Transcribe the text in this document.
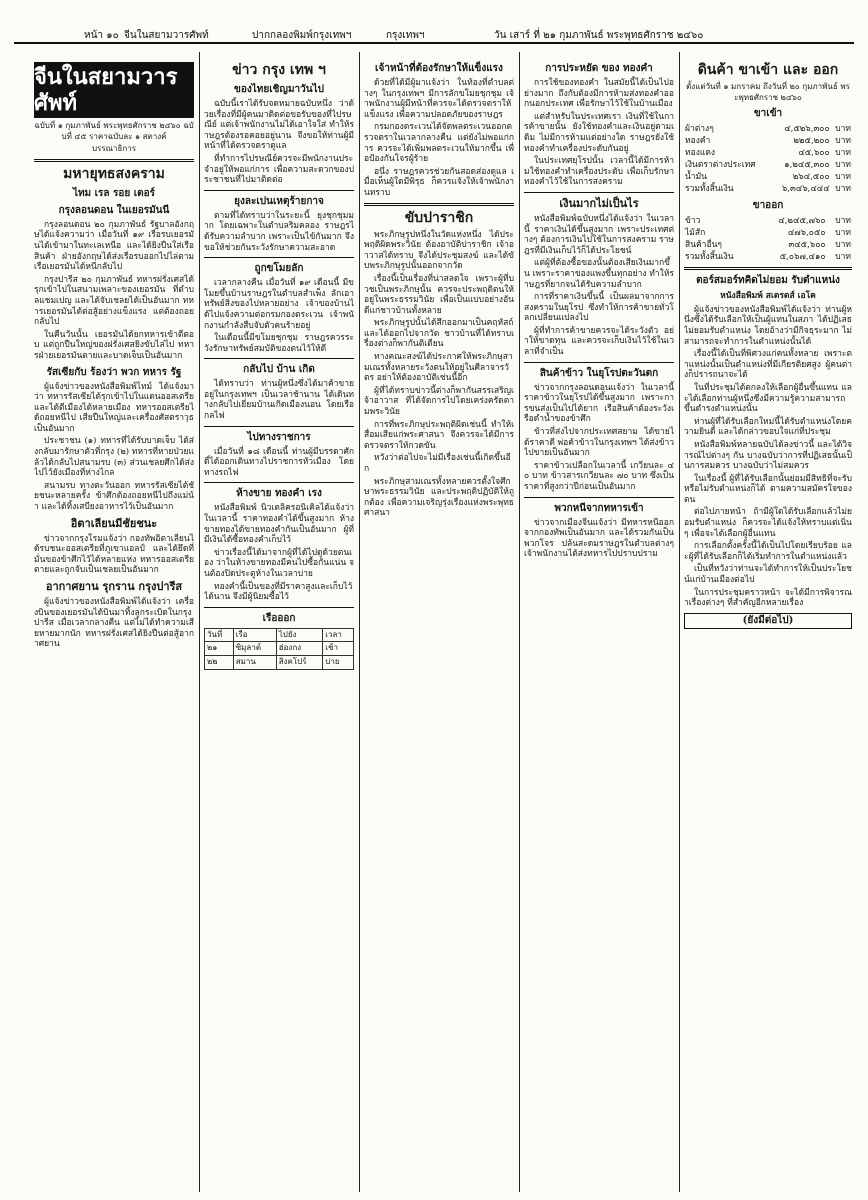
หน้า ๑๐ จีนในสยามวารศัพท์	ปากกลองพิมพ์กรุงเทพฯ	กรุงเทพฯ	วัน เสาร์ ที่ ๒๑ กุมภาพันธ์ พระพุทธศักราช ๒๔๖๐
จีนในสยามวารศัพท์

ฉบับที่ ๑ กุมภาพันธ์ พระพุทธศักราช ๒๔๖๐ ฉบับที่ ๔๕ ราคาฉบับละ ๑ สตางค์

บรรณาธิการ

มหายุทธสงคราม
ไทม เรล รอย เตอร์
กรุงลอนดอน ในเยอรมันนี

กรุงลอนดอน ๒๐ กุมภาพันธ์ รัฐบาลอังกฤษได้แจ้งความว่า เมื่อวันที่ ๑๙ เรือรบเยอรมันได้เข้ามาในทะเลเหนือ และได้ยิงปืนใส่เรือสินค้า ฝ่ายอังกฤษได้ส่งเรือรบออกไปไล่ตาม เรือเยอรมันได้หนีกลับไป

กรุงปารีส ๒๐ กุมภาพันธ์ ทหารฝรั่งเศสได้รุกเข้าไปในสนามเพลาะของเยอรมัน ที่ตำบลแชมเปญ และได้จับเชลยได้เป็นอันมาก ทหารเยอรมันได้ต่อสู้อย่างแข็งแรง แต่ต้องถอยกลับไป

ในคืนวันนั้น เยอรมันได้ยกทหารเข้าตีตอบ แต่ถูกปืนใหญ่ของฝรั่งเศสยิงขับไล่ไป ทหารฝ่ายเยอรมันตายและบาดเจ็บเป็นอันมาก

รัสเซียกับ ร้องว่า พวก ทหาร รัฐ

ผู้แจ้งข่าวของหนังสือพิมพ์ไทม์ ได้แจ้งมาว่า ทหารรัสเซียได้รุกเข้าไปในแดนออสเตรีย และได้ตีเมืองได้หลายเมือง ทหารออสเตรียได้ถอยหนีไป เสียปืนใหญ่และเครื่องศัสตราวุธเป็นอันมาก

ประชาชน (๑) ทหารที่ได้รับบาดเจ็บ ได้ส่งกลับมารักษาตัวที่กรุง (๒) ทหารที่หายป่วยแล้วได้กลับไปสนามรบ (๓) ส่วนเชลยศึกได้ส่งไปไว้ยังเมืองที่ห่างไกล

สนามรบ ทางตะวันออก ทหารรัสเซียได้ชัยชนะหลายครั้ง ข้าศึกต้องถอยหนีไปถึงแม่น้ำ และได้ทิ้งเสบียงอาหารไว้เป็นอันมาก

อิตาเลียนมีชัยชนะ

ข่าวจากกรุงโรมแจ้งว่า กองทัพอิตาเลียนได้รบชนะออสเตรียที่ภูเขาแอลป์ และได้ยึดที่มั่นของข้าศึกไว้ได้หลายแห่ง ทหารออสเตรียตายและถูกจับเป็นเชลยเป็นอันมาก

อากาศยาน รุกราน กรุงปารีส

ผู้แจ้งข่าวของหนังสือพิมพ์ได้แจ้งว่า เครื่องบินของเยอรมันได้บินมาทิ้งลูกระเบิดในกรุงปารีส เมื่อเวลากลางคืน แต่ไม่ได้ทำความเสียหายมากนัก ทหารฝรั่งเศสได้ยิงปืนต่อสู้อากาศยาน

ข่าว กรุง เทพ ฯ
ของไทยเชิญมาวันไป

ฉบับนี้เราได้รับจดหมายฉบับหนึ่ง ว่าด้วยเรื่องที่มีผู้คนมาติดต่อขอรับของที่ไปรษณีย์ แต่เจ้าพนักงานไม่ได้เอาใจใส่ ทำให้ราษฎรต้องรอคอยอยู่นาน จึงขอให้ท่านผู้มีหน้าที่ได้ตรวจตราดูแล

ที่ทำการไปรษณีย์ควรจะมีพนักงานประจำอยู่ให้พอแก่การ เพื่อความสะดวกของประชาชนที่ไปมาติดต่อ

ยุงละเปนเหตุร้ายกาจ

ตามที่ได้ทราบว่าในระยะนี้ ยุงชุกชุมมาก โดยเฉพาะในตำบลริมคลอง ราษฎรได้รับความลำบาก เพราะเป็นไข้กันมาก จึงขอให้ช่วยกันระวังรักษาความสะอาด

ถูกขโมยลัก

เวลากลางคืน เมื่อวันที่ ๑๙ เดือนนี้ มีขโมยขึ้นบ้านราษฎรในตำบลสำเพ็ง ลักเอาทรัพย์สิ่งของไปหลายอย่าง เจ้าของบ้านได้ไปแจ้งความต่อกรมกองตระเวน เจ้าพนักงานกำลังสืบจับตัวคนร้ายอยู่

ในเดือนนี้มีขโมยชุกชุม ราษฎรควรระวังรักษาทรัพย์สมบัติของตนไว้ให้ดี

กลับไป บ้าน เกิด

ได้ทราบว่า ท่านผู้หนึ่งซึ่งได้มาค้าขายอยู่ในกรุงเทพฯ เป็นเวลาช้านาน ได้เดินทางกลับไปเยี่ยมบ้านเกิดเมืองนอน โดยเรือกลไฟ

ไปทางราชการ

เมื่อวันที่ ๑๘ เดือนนี้ ท่านผู้มีบรรดาศักดิ์ได้ออกเดินทางไปราชการหัวเมือง โดยทางรถไฟ

ห้างขาย ทองคำ เรง

หนังสือพิมพ์ นิวเดลิครอนิเคิลได้แจ้งว่า ในเวลานี้ ราคาทองคำได้ขึ้นสูงมาก ห้างขายทองได้ขายทองคำกันเป็นอันมาก ผู้ที่มีเงินได้ซื้อทองคำเก็บไว้

ข่าวเรื่องนี้ได้มาจากผู้ที่ได้ไปดูด้วยตนเอง ว่าในห้างขายทองมีคนไปซื้อกันแน่น จนต้องปิดประตูห้างในเวลาบ่าย

ทองคำนี้เป็นของที่มีราคาสูงและเก็บไว้ได้นาน จึงมีผู้นิยมซื้อไว้

เรือออก
วันที่	เรือ	ไปยัง	เวลา
๒๑	ซิมุลาต์	ฮ่องกง	เช้า
๒๒	สมาน	สิงคโปร์	บ่าย
เจ้าหน้าที่ต้องรักษาให้แข็งแรง

ด้วยที่ได้มีผู้มาแจ้งว่า ในท้องที่ตำบลต่างๆ ในกรุงเทพฯ มีการลักขโมยชุกชุม เจ้าพนักงานผู้มีหน้าที่ควรจะได้ตรวจตราให้แข็งแรง เพื่อความปลอดภัยของราษฎร

กรมกองตระเวนได้จัดพลตระเวนออกตรวจตราในเวลากลางคืน แต่ยังไม่พอแก่การ ควรจะได้เพิ่มพลตระเวนให้มากขึ้น เพื่อป้องกันโจรผู้ร้าย

อนึ่ง ราษฎรควรช่วยกันสอดส่องดูแล เมื่อเห็นผู้ใดมีพิรุธ ก็ควรแจ้งให้เจ้าพนักงานทราบ

ขับปาราชิก

พระภิกษุรูปหนึ่งในวัดแห่งหนึ่ง ได้ประพฤติผิดพระวินัย ต้องอาบัติปาราชิก เจ้าอาวาสได้ทราบ จึงได้ประชุมสงฆ์ และได้ขับพระภิกษุรูปนั้นออกจากวัด

เรื่องนี้เป็นเรื่องที่น่าสลดใจ เพราะผู้ที่บวชเป็นพระภิกษุนั้น ควรจะประพฤติตนให้อยู่ในพระธรรมวินัย เพื่อเป็นแบบอย่างอันดีแก่ชาวบ้านทั้งหลาย

พระภิกษุรูปนั้นได้สึกออกมาเป็นคฤหัสถ์ และได้ออกไปจากวัด ชาวบ้านที่ได้ทราบเรื่องต่างก็พากันติเตียน

ทางคณะสงฆ์ได้ประกาศให้พระภิกษุสามเณรทั้งหลายระวังตนให้อยู่ในศีลาจารวัตร อย่าให้ต้องอาบัติเช่นนี้อีก

ผู้ที่ได้ทราบข่าวนี้ต่างก็พากันสรรเสริญเจ้าอาวาส ที่ได้จัดการไปโดยเคร่งครัดตามพระวินัย

การที่พระภิกษุประพฤติผิดเช่นนี้ ทำให้เสื่อมเสียแก่พระศาสนา จึงควรจะได้มีการตรวจตราให้กวดขัน

หวังว่าต่อไปจะไม่มีเรื่องเช่นนี้เกิดขึ้นอีก

พระภิกษุสามเณรทั้งหลายควรตั้งใจศึกษาพระธรรมวินัย และประพฤติปฏิบัติให้ถูกต้อง เพื่อความเจริญรุ่งเรืองแห่งพระพุทธศาสนา

การประหยัด ของ ทองคำ

การใช้ของทองคำ ในสมัยนี้ได้เป็นไปอย่างมาก ถึงกับต้องมีการห้ามส่งทองคำออกนอกประเทศ เพื่อรักษาไว้ใช้ในบ้านเมือง

แต่สำหรับในประเทศเรา เงินที่ใช้ในการค้าขายนั้น ยังใช้ทองคำและเงินอยู่ตามเดิม ไม่มีการห้ามแต่อย่างใด ราษฎรยังใช้ทองคำทำเครื่องประดับกันอยู่

ในประเทศยุโรปนั้น เวลานี้ได้มีการห้ามใช้ทองคำทำเครื่องประดับ เพื่อเก็บรักษาทองคำไว้ใช้ในการสงคราม

เงินมากไม่เป็นไร

หนังสือพิมพ์ฉบับหนึ่งได้แจ้งว่า ในเวลานี้ ราคาเงินได้ขึ้นสูงมาก เพราะประเทศต่างๆ ต้องการเงินไปใช้ในการสงคราม ราษฎรที่มีเงินเก็บไว้ก็ได้ประโยชน์

แต่ผู้ที่ต้องซื้อของนั้นต้องเสียเงินมากขึ้น เพราะราคาของแพงขึ้นทุกอย่าง ทำให้ราษฎรที่ยากจนได้รับความลำบาก

การที่ราคาเงินขึ้นนี้ เป็นผลมาจากการสงครามในยุโรป ซึ่งทำให้การค้าขายทั่วโลกเปลี่ยนแปลงไป

ผู้ที่ทำการค้าขายควรจะได้ระวังตัว อย่าให้ขาดทุน และควรจะเก็บเงินไว้ใช้ในเวลาที่จำเป็น

สินค้าข้าว ในยุโรปตะวันตก

ข่าวจากกรุงลอนดอนแจ้งว่า ในเวลานี้ ราคาข้าวในยุโรปได้ขึ้นสูงมาก เพราะการขนส่งเป็นไปได้ยาก เรือสินค้าต้องระวังเรือดำน้ำของข้าศึก

ข้าวที่ส่งไปจากประเทศสยาม ได้ขายได้ราคาดี พ่อค้าข้าวในกรุงเทพฯ ได้ส่งข้าวไปขายเป็นอันมาก

ราคาข้าวเปลือกในเวลานี้ เกวียนละ ๔๐ บาท ข้าวสารเกวียนละ ๗๐ บาท ซึ่งเป็นราคาที่สูงกว่าปีก่อนเป็นอันมาก

พวกหนีจากทหารเข้า

ข่าวจากเมืองจีนแจ้งว่า มีทหารหนีออกจากกองทัพเป็นอันมาก และได้รวมกันเป็นพวกโจร ปล้นสะดมราษฎรในตำบลต่างๆ เจ้าพนักงานได้ส่งทหารไปปราบปราม

ดินค้า ขาเข้า และ ออก

ตั้งแต่วันที่ ๑ มกราคม ถึงวันที่ ๒๐ กุมภาพันธ์ พระพุทธศักราช ๒๔๖๐

ขาเข้า
ผ้าต่างๆ	๔,๕๒๖,๓๐๐	บาท
ทองคำ	๒๒๕,๒๐๐	บาท
ทองแดง	๔๕,๖๐๐	บาท
เงินตราต่างประเทศ	๑,๒๔๕,๓๐๐	บาท
น้ำมัน	๒๖๔,๕๐๐	บาท
รวมทั้งสิ้นเงิน	๖,๓๔๖,๔๔๔	บาท
ขาออก
ข้าว	๔,๒๔๕,๗๖๐	บาท
ไม้สัก	๔๗๖,๐๕๐	บาท
สินค้าอื่นๆ	๓๔๕,๖๐๐	บาท
รวมทั้งสิ้นเงิน	๕,๐๖๗,๔๑๐	บาท
ตอร์สมอร์ทคิดไม่ยอม รับตำแหน่ง
หนังสือพิมพ์ สเตรตส์ เอโค

ผู้แจ้งข่าวของหนังสือพิมพ์ได้แจ้งว่า ท่านผู้หนึ่งซึ่งได้รับเลือกให้เป็นผู้แทนในสภา ได้ปฏิเสธไม่ยอมรับตำแหน่ง โดยอ้างว่ามีกิจธุระมาก ไม่สามารถจะทำการในตำแหน่งนั้นได้

เรื่องนี้ได้เป็นที่พิศวงแก่คนทั้งหลาย เพราะตำแหน่งนั้นเป็นตำแหน่งที่มีเกียรติยศสูง ผู้คนต่างก็ปรารถนาจะได้

ในที่ประชุมได้ตกลงให้เลือกผู้อื่นขึ้นแทน และได้เลือกท่านผู้หนึ่งซึ่งมีความรู้ความสามารถ ขึ้นดำรงตำแหน่งนั้น

ท่านผู้ที่ได้รับเลือกใหม่นี้ได้รับตำแหน่งโดยความยินดี และได้กล่าวขอบใจแก่ที่ประชุม

หนังสือพิมพ์หลายฉบับได้ลงข่าวนี้ และได้วิจารณ์ไปต่างๆ กัน บางฉบับว่าการที่ปฏิเสธนั้นเป็นการสมควร บางฉบับว่าไม่สมควร

ในเรื่องนี้ ผู้ที่ได้รับเลือกนั้นย่อมมีสิทธิที่จะรับหรือไม่รับตำแหน่งก็ได้ ตามความสมัครใจของตน

ต่อไปภายหน้า ถ้ามีผู้ใดได้รับเลือกแล้วไม่ยอมรับตำแหน่ง ก็ควรจะได้แจ้งให้ทราบแต่เนิ่นๆ เพื่อจะได้เลือกผู้อื่นแทน

การเลือกตั้งครั้งนี้ได้เป็นไปโดยเรียบร้อย และผู้ที่ได้รับเลือกก็ได้เริ่มทำการในตำแหน่งแล้ว

เป็นที่หวังว่าท่านจะได้ทำการให้เป็นประโยชน์แก่บ้านเมืองต่อไป

ในการประชุมคราวหน้า จะได้มีการพิจารณาเรื่องต่างๆ ที่สำคัญอีกหลายเรื่อง

(ยังมีต่อไป)
